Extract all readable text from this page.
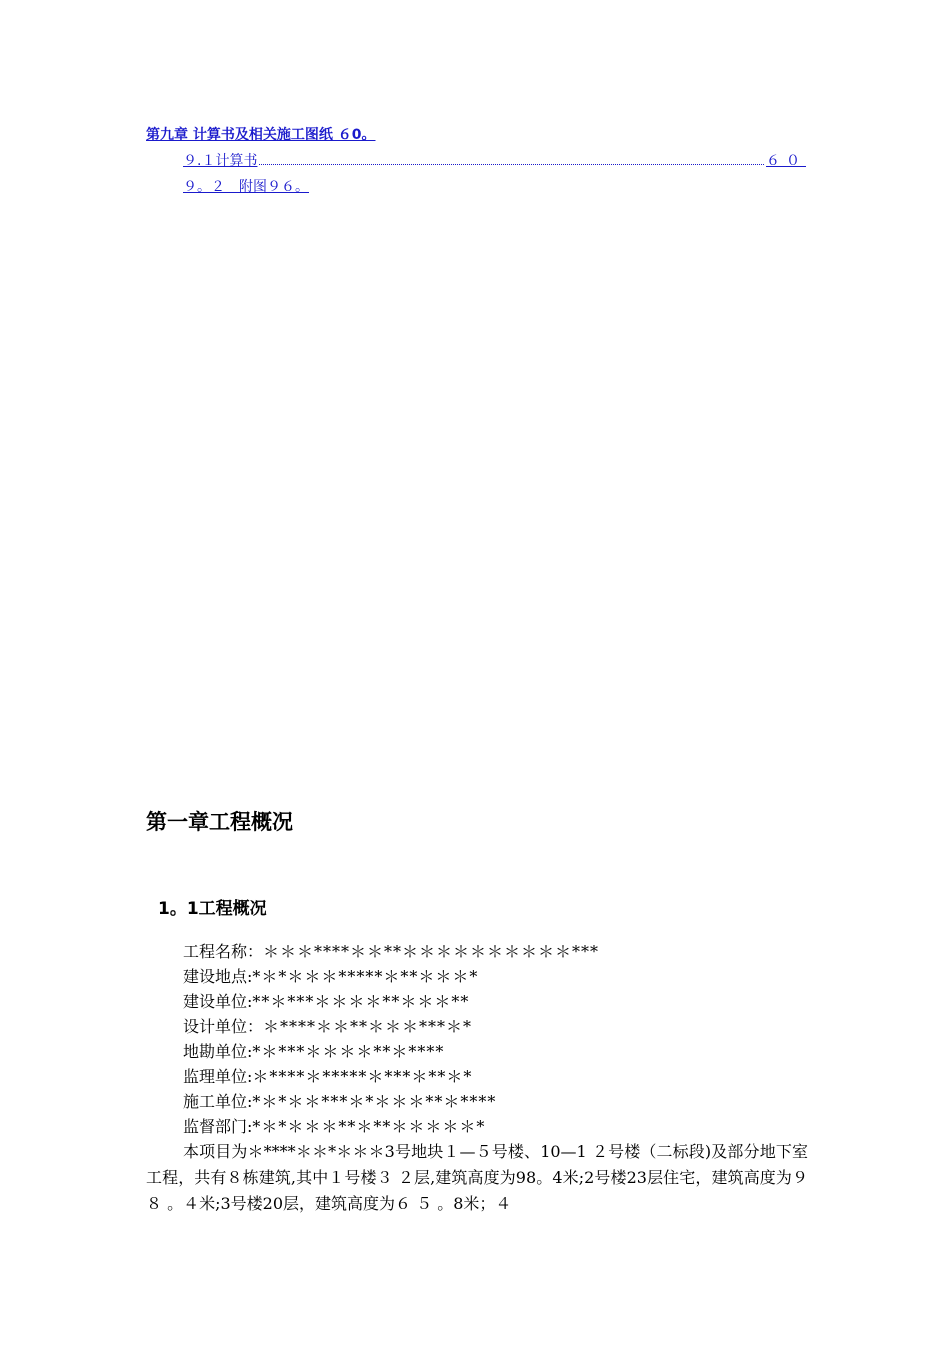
第九章 计算书及相关施工图纸 ６0。
９.１计算书	６０
９。２　附图９６。
第一章工程概况
1。1工程概况
工程名称：＊＊＊****＊＊**＊＊＊＊＊＊＊＊＊＊***
建设地点:*＊*＊＊＊*****＊**＊＊＊*
建设单位:**＊***＊＊＊＊**＊＊＊**
设计单位：＊****＊＊**＊＊＊***＊*
地勘单位:*＊***＊＊＊＊**＊****
监理单位:＊****＊*****＊***＊**＊*
施工单位:*＊*＊＊***＊*＊＊＊**＊****
监督部门:*＊*＊＊＊**＊**＊＊＊＊＊*
本项目为＊****＊＊*＊＊＊3号地块１—５号楼、10—1 ２号楼（二标段)及部分地下室工程，共有８栋建筑,其中１号楼３ ２层,建筑高度为98。4米;2号楼23层住宅，建筑高度为９８ 。４米;3号楼20层，建筑高度为６ ５ 。8米；４
